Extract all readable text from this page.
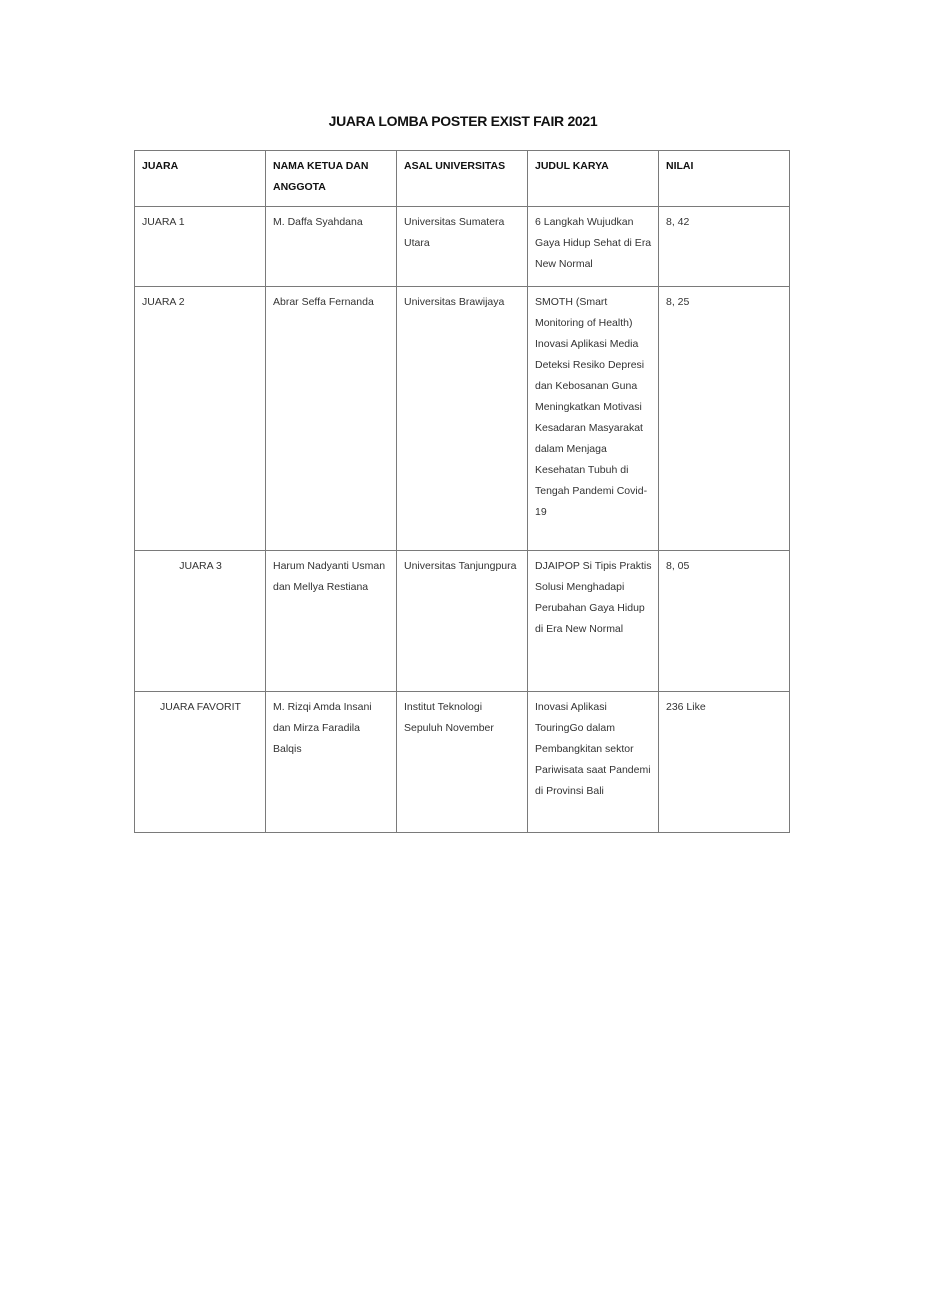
JUARA LOMBA POSTER EXIST FAIR 2021
JUARA	NAMA KETUA DAN ANGGOTA	ASAL UNIVERSITAS	JUDUL KARYA	NILAI
JUARA 1	M. Daffa Syahdana	Universitas Sumatera Utara	6 Langkah Wujudkan Gaya Hidup Sehat di Era New Normal	8, 42
JUARA 2	Abrar Seffa Fernanda	Universitas Brawijaya	SMOTH (Smart Monitoring of Health) Inovasi Aplikasi Media Deteksi Resiko Depresi dan Kebosanan Guna Meningkatkan Motivasi Kesadaran Masyarakat dalam Menjaga Kesehatan Tubuh di Tengah Pandemi Covid-19	8, 25
JUARA 3	Harum Nadyanti Usman dan Mellya Restiana	Universitas Tanjungpura	DJAIPOP Si Tipis Praktis Solusi Menghadapi Perubahan Gaya Hidup di Era New Normal	8, 05
JUARA FAVORIT	M. Rizqi Amda Insani dan Mirza Faradila Balqis	Institut Teknologi Sepuluh November	Inovasi Aplikasi TouringGo dalam Pembangkitan sektor Pariwisata saat Pandemi di Provinsi Bali	236 Like
